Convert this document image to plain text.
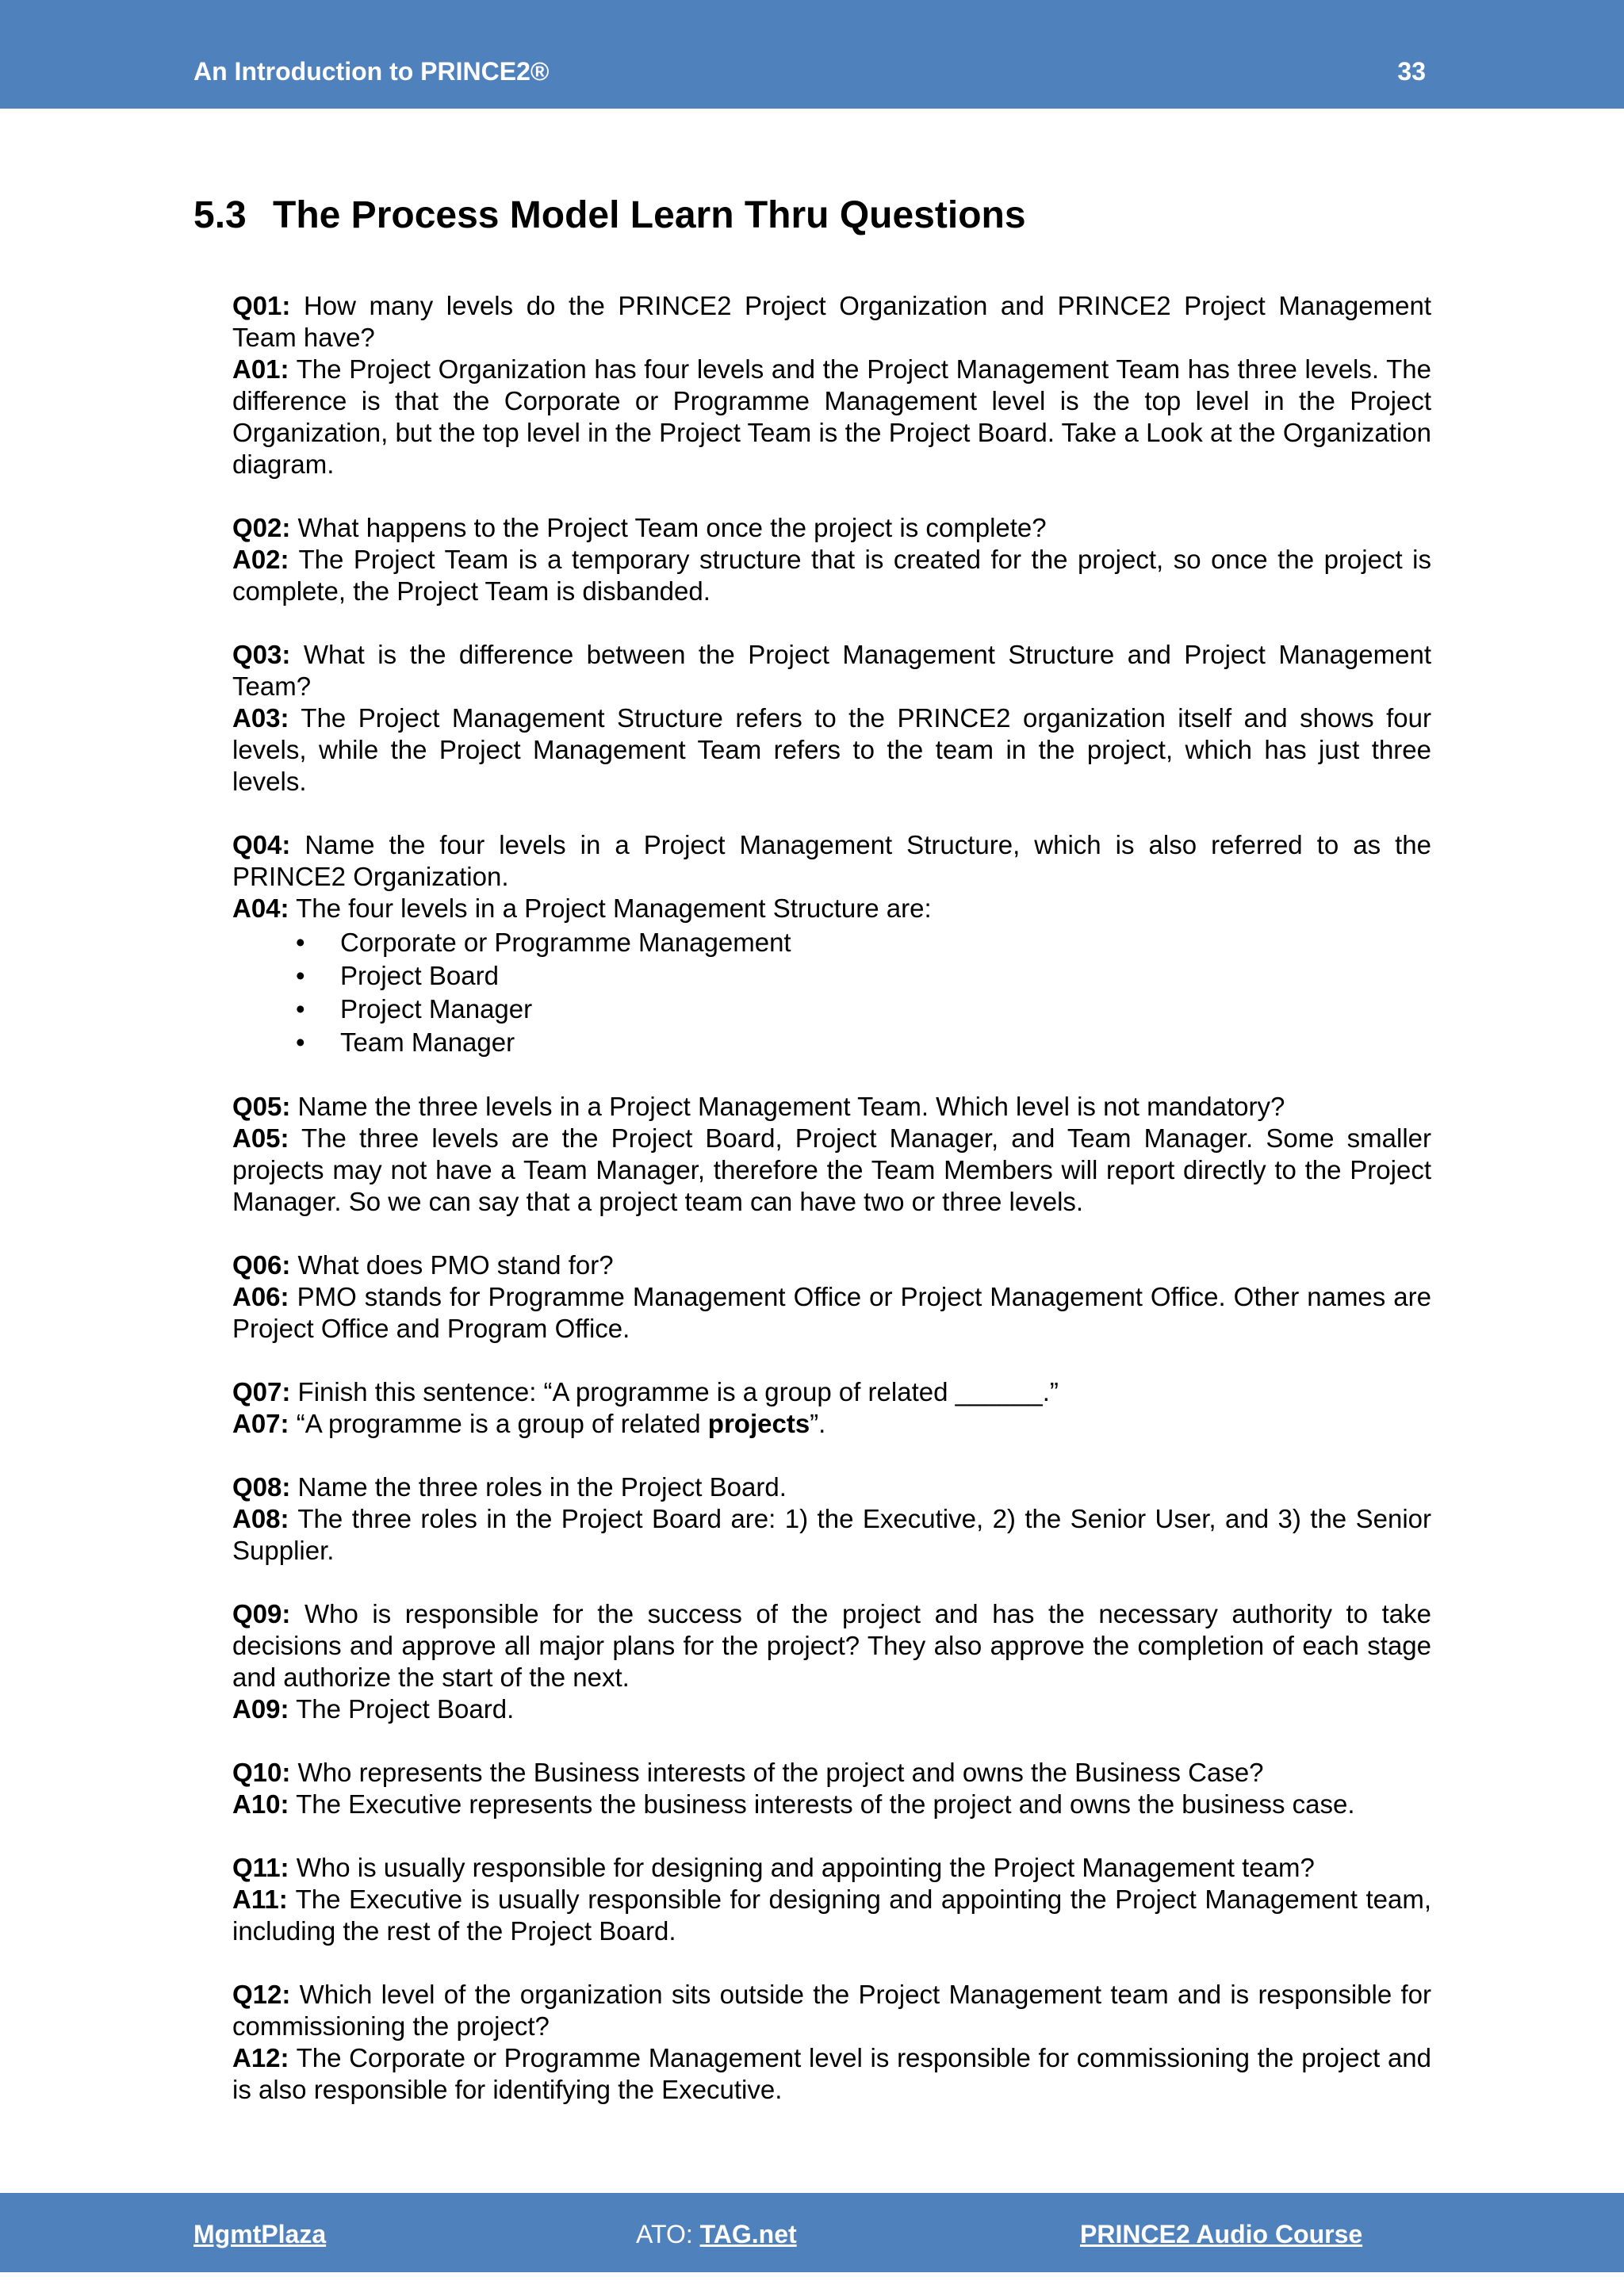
An Introduction to PRINCE2®	33
5.3 The Process Model Learn Thru Questions

Q01: How many levels do the PRINCE2 Project Organization and PRINCE2 Project Management Team have?

A01: The Project Organization has four levels and the Project Management Team has three levels. The difference is that the Corporate or Programme Management level is the top level in the Project Organization, but the top level in the Project Team is the Project Board. Take a Look at the Organization diagram.

Q02: What happens to the Project Team once the project is complete?

A02: The Project Team is a temporary structure that is created for the project, so once the project is complete, the Project Team is disbanded.

Q03: What is the difference between the Project Management Structure and Project Management Team?

A03: The Project Management Structure refers to the PRINCE2 organization itself and shows four levels, while the Project Management Team refers to the team in the project, which has just three levels.

Q04: Name the four levels in a Project Management Structure, which is also referred to as the PRINCE2 Organization.

A04: The four levels in a Project Management Structure are:

• Corporate or Programme Management
• Project Board
• Project Manager
• Team Manager

Q05: Name the three levels in a Project Management Team. Which level is not mandatory?

A05: The three levels are the Project Board, Project Manager, and Team Manager. Some smaller projects may not have a Team Manager, therefore the Team Members will report directly to the Project Manager. So we can say that a project team can have two or three levels.

Q06: What does PMO stand for?

A06: PMO stands for Programme Management Office or Project Management Office. Other names are Project Office and Program Office.

Q07: Finish this sentence: “A programme is a group of related ______.”

A07: “A programme is a group of related projects”.

Q08: Name the three roles in the Project Board.

A08: The three roles in the Project Board are: 1) the Executive, 2) the Senior User, and 3) the Senior Supplier.

Q09: Who is responsible for the success of the project and has the necessary authority to take decisions and approve all major plans for the project? They also approve the completion of each stage and authorize the start of the next.

A09: The Project Board.

Q10: Who represents the Business interests of the project and owns the Business Case?

A10: The Executive represents the business interests of the project and owns the business case.

Q11: Who is usually responsible for designing and appointing the Project Management team?

A11: The Executive is usually responsible for designing and appointing the Project Management team, including the rest of the Project Board.

Q12: Which level of the organization sits outside the Project Management team and is responsible for commissioning the project?

A12: The Corporate or Programme Management level is responsible for commissioning the project and is also responsible for identifying the Executive.

MgmtPlaza	ATO: TAG.net	PRINCE2 Audio Course
